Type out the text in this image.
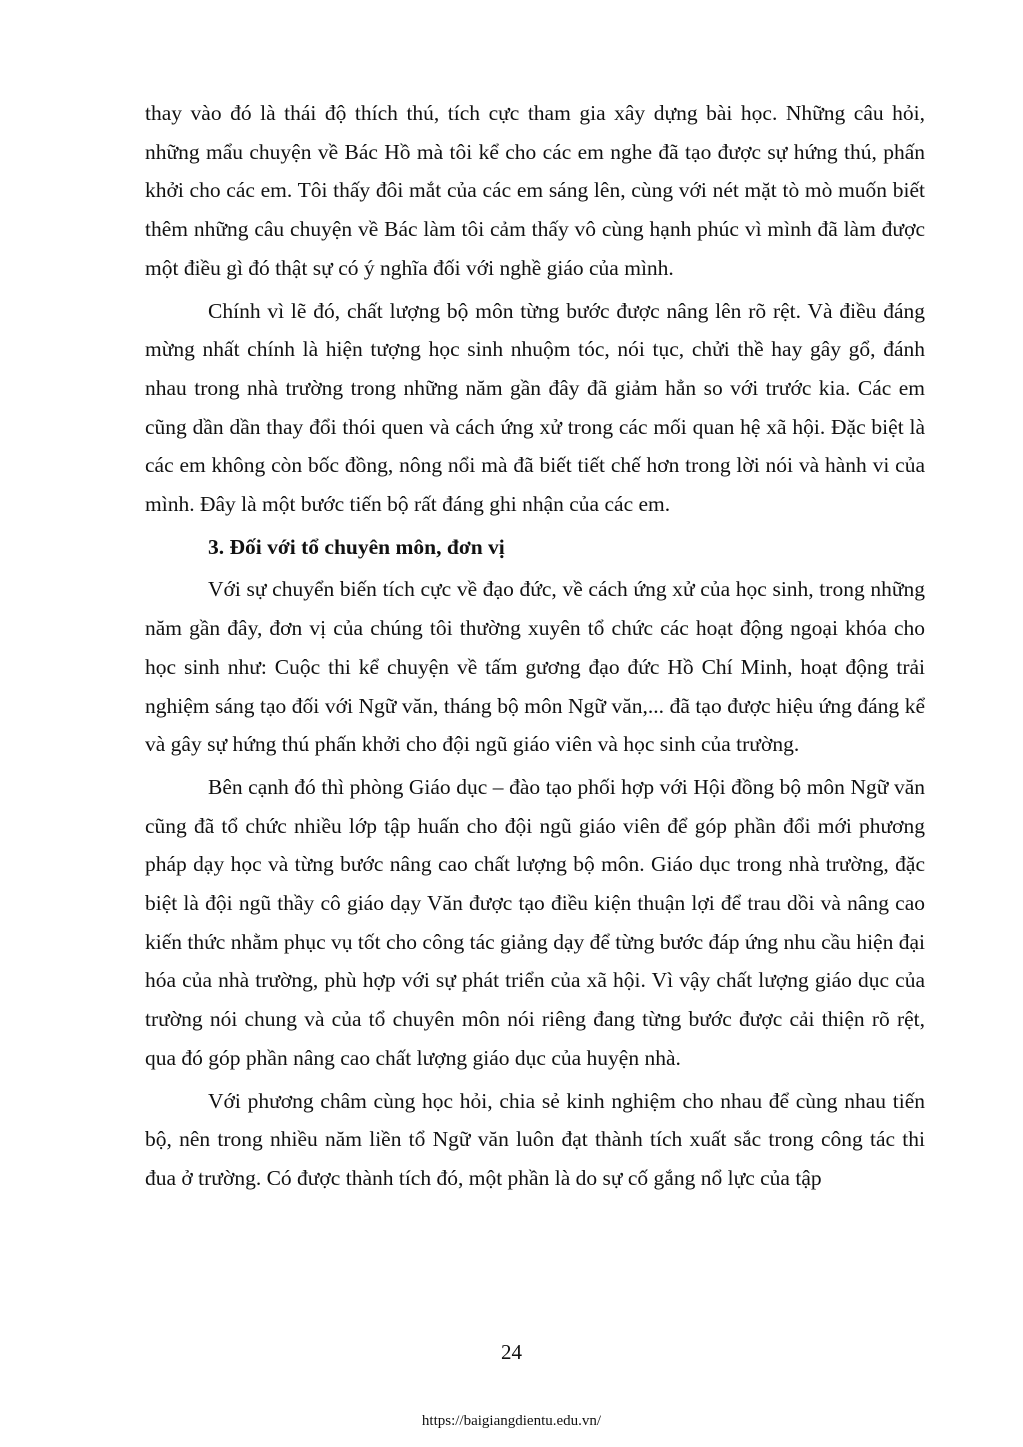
thay vào đó là thái độ thích thú, tích cực tham gia xây dựng bài học. Những câu hỏi, những mẩu chuyện về Bác Hồ mà tôi kể cho các em nghe đã tạo được sự hứng thú, phấn khởi cho các em. Tôi thấy đôi mắt của các em sáng lên, cùng với nét mặt tò mò muốn biết thêm những câu chuyện về Bác làm tôi cảm thấy vô cùng hạnh phúc vì mình đã làm được một điều gì đó thật sự có ý nghĩa đối với nghề giáo của mình.

Chính vì lẽ đó, chất lượng bộ môn từng bước được nâng lên rõ rệt. Và điều đáng mừng nhất chính là hiện tượng học sinh nhuộm tóc, nói tục, chửi thề hay gây gổ, đánh nhau trong nhà trường trong những năm gần đây đã giảm hẳn so với trước kia. Các em cũng dần dần thay đổi thói quen và cách ứng xử trong các mối quan hệ xã hội. Đặc biệt là các em không còn bốc đồng, nông nổi mà đã biết tiết chế hơn trong lời nói và hành vi của mình. Đây là một bước tiến bộ rất đáng ghi nhận của các em.

3. Đối với tổ chuyên môn, đơn vị

Với sự chuyển biến tích cực về đạo đức, về cách ứng xử của học sinh, trong những năm gần đây, đơn vị của chúng tôi thường xuyên tổ chức các hoạt động ngoại khóa cho học sinh như: Cuộc thi kể chuyện về tấm gương đạo đức Hồ Chí Minh, hoạt động trải nghiệm sáng tạo đối với Ngữ văn, tháng bộ môn Ngữ văn,... đã tạo được hiệu ứng đáng kể và gây sự hứng thú phấn khởi cho đội ngũ giáo viên và học sinh của trường.

Bên cạnh đó thì phòng Giáo dục – đào tạo phối hợp với Hội đồng bộ môn Ngữ văn cũng đã tổ chức nhiều lớp tập huấn cho đội ngũ giáo viên để góp phần đổi mới phương pháp dạy học và từng bước nâng cao chất lượng bộ môn. Giáo dục trong nhà trường, đặc biệt là đội ngũ thầy cô giáo dạy Văn được tạo điều kiện thuận lợi để trau dồi và nâng cao kiến thức nhằm phục vụ tốt cho công tác giảng dạy để từng bước đáp ứng nhu cầu hiện đại hóa của nhà trường, phù hợp với sự phát triển của xã hội. Vì vậy chất lượng giáo dục của trường nói chung và của tổ chuyên môn nói riêng đang từng bước được cải thiện rõ rệt, qua đó góp phần nâng cao chất lượng giáo dục của huyện nhà.

Với phương châm cùng học hỏi, chia sẻ kinh nghiệm cho nhau để cùng nhau tiến bộ, nên trong nhiều năm liền tổ Ngữ văn luôn đạt thành tích xuất sắc trong công tác thi đua ở trường. Có được thành tích đó, một phần là do sự cố gắng nổ lực của tập

24
https://baigiangdientu.edu.vn/
